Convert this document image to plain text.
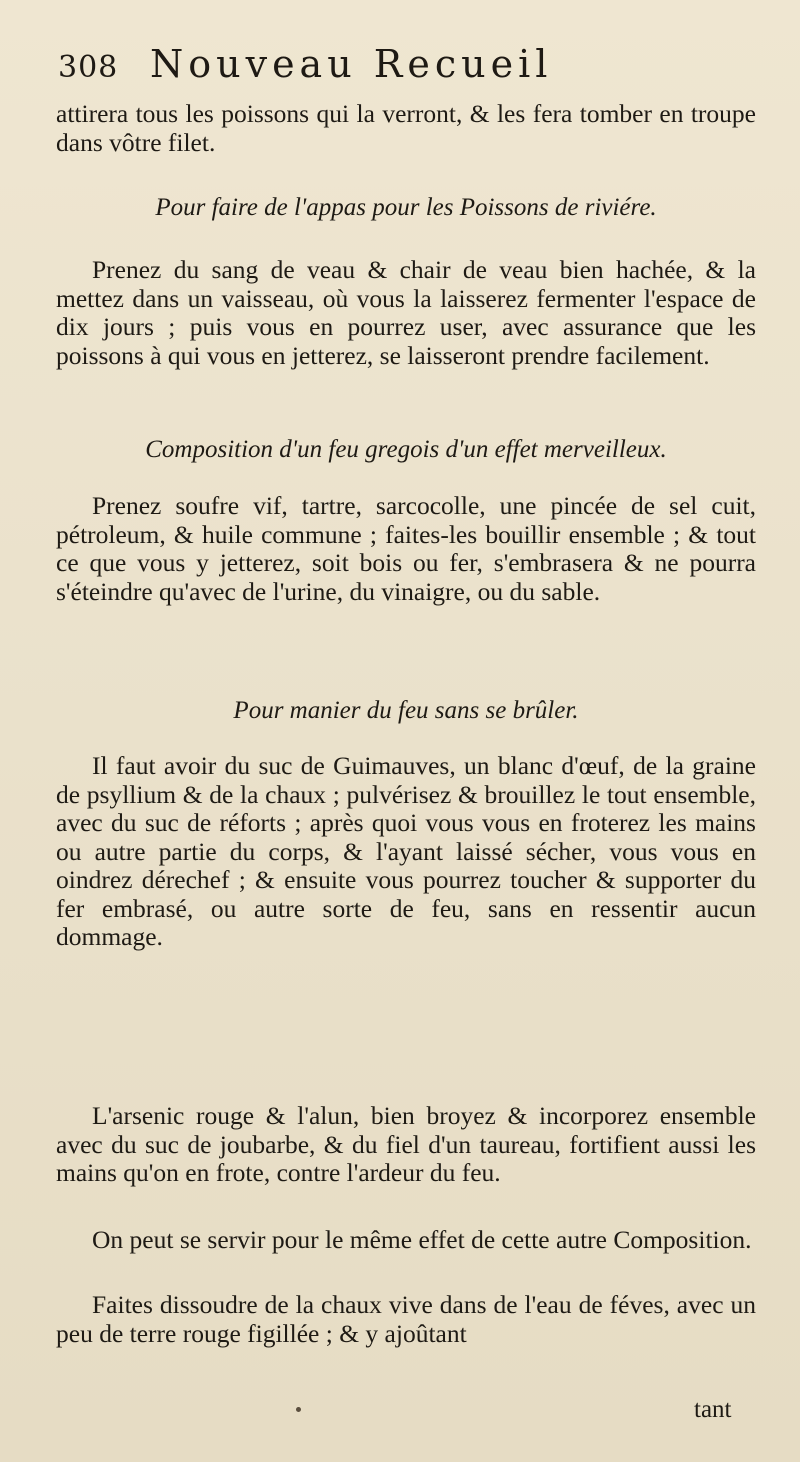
308 Nouveau Recueil

attirera tous les poissons qui la verront, & les fera tomber en troupe dans vôtre filet.

Pour faire de l'appas pour les Poissons de riviére.

Prenez du sang de veau & chair de veau bien hachée, & la mettez dans un vaisseau, où vous la laisserez fermenter l'espace de dix jours ; puis vous en pourrez user, avec assurance que les poissons à qui vous en jetterez, se laisseront prendre facilement.

Composition d'un feu gregois d'un effet merveilleux.

Prenez soufre vif, tartre, sarcocolle, une pincée de sel cuit, pétroleum, & huile commune ; faites-les bouillir ensemble ; & tout ce que vous y jetterez, soit bois ou fer, s'embrasera & ne pourra s'éteindre qu'avec de l'urine, du vinaigre, ou du sable.

Pour manier du feu sans se brûler.

Il faut avoir du suc de Guimauves, un blanc d'œuf, de la graine de psyllium & de la chaux ; pulvérisez & brouillez le tout ensemble, avec du suc de réforts ; après quoi vous vous en froterez les mains ou autre partie du corps, & l'ayant laissé sécher, vous vous en oindrez dérechef ; & ensuite vous pourrez toucher & supporter du fer embrasé, ou autre sorte de feu, sans en ressentir aucun dommage.

L'arsenic rouge & l'alun, bien broyez & incorporez ensemble avec du suc de joubarbe, & du fiel d'un taureau, fortifient aussi les mains qu'on en frote, contre l'ardeur du feu.

On peut se servir pour le même effet de cette autre Composition.

Faites dissoudre de la chaux vive dans de l'eau de féves, avec un peu de terre rouge figillée ; & y ajoûtant

tant
